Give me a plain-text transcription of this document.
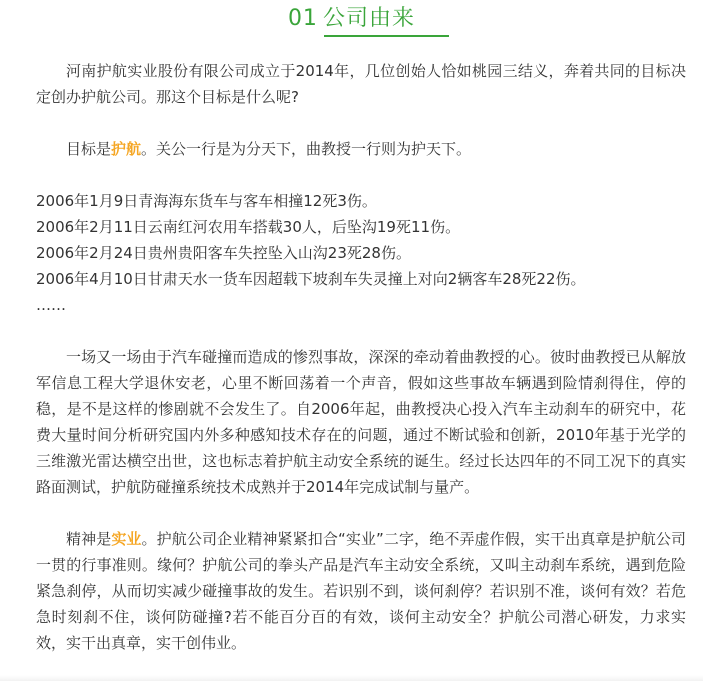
01 公司由来

河南护航实业股份有限公司成立于2014年，几位创始人恰如桃园三结义，奔着共同的目标决定创办护航公司。那这个目标是什么呢?

目标是护航。关公一行是为分天下，曲教授一行则为护天下。

2006年1月9日青海海东货车与客车相撞12死3伤。

2006年2月11日云南红河农用车搭载30人，后坠沟19死11伤。

2006年2月24日贵州贵阳客车失控坠入山沟23死28伤。

2006年4月10日甘肃天水一货车因超载下坡刹车失灵撞上对向2辆客车28死22伤。

……

一场又一场由于汽车碰撞而造成的惨烈事故，深深的牵动着曲教授的心。彼时曲教授已从解放军信息工程大学退休安老，心里不断回荡着一个声音，假如这些事故车辆遇到险情刹得住，停的稳，是不是这样的惨剧就不会发生了。自2006年起，曲教授决心投入汽车主动刹车的研究中，花费大量时间分析研究国内外多种感知技术存在的问题，通过不断试验和创新，2010年基于光学的三维激光雷达横空出世，这也标志着护航主动安全系统的诞生。经过长达四年的不同工况下的真实路面测试，护航防碰撞系统技术成熟并于2014年完成试制与量产。

精神是实业。护航公司企业精神紧紧扣合“实业”二字，绝不弄虚作假，实干出真章是护航公司一贯的行事准则。缘何？护航公司的拳头产品是汽车主动安全系统，又叫主动刹车系统，遇到危险紧急刹停，从而切实减少碰撞事故的发生。若识别不到，谈何刹停？若识别不准，谈何有效？若危急时刻刹不住，谈何防碰撞?若不能百分百的有效，谈何主动安全？护航公司潜心研发，力求实效，实干出真章，实干创伟业。
